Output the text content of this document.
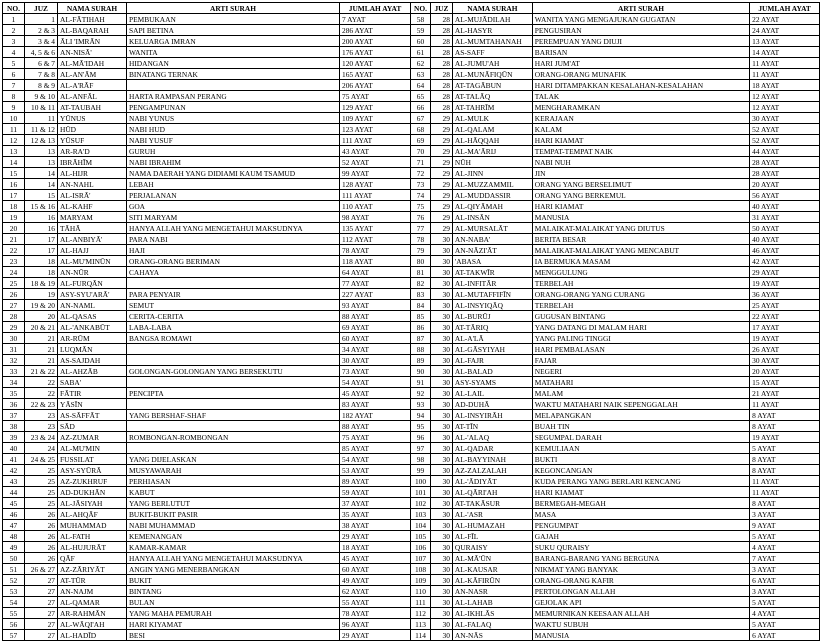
NO.	JUZ	NAMA SURAH	ARTI SURAH	JUMLAH AYAT
1	1	AL-FĀTIHAH	PEMBUKAAN	7 AYAT
2	2 & 3	AL-BAQARAH	SAPI BETINA	286 AYAT
3	3 & 4	ĀLI 'IMRĀN	KELUARGA IMRAN	200 AYAT
4	4, 5 & 6	AN-NISĀ'	WANITA	176 AYAT
5	6 & 7	AL-MĀ'IDAH	HIDANGAN	120 AYAT
6	7 & 8	AL-AN'ĀM	BINATANG TERNAK	165 AYAT
7	8 & 9	AL-A'RĀF		206 AYAT
8	9 & 10	AL-ANFĀL	HARTA RAMPASAN PERANG	75 AYAT
9	10 & 11	AT-TAUBAH	PENGAMPUNAN	129 AYAT
10	11	YŪNUS	NABI YUNUS	109 AYAT
11	11 & 12	HŪD	NABI HUD	123 AYAT
12	12 & 13	YŪSUF	NABI YUSUF	111 AYAT
13	13	AR-RA'D	GURUH	43 AYAT
14	13	IBRĀHĪM	NABI IBRAHIM	52 AYAT
15	14	AL-HIJR	NAMA DAERAH YANG DIDIAMI KAUM TSAMUD	99 AYAT
16	14	AN-NAHL	LEBAH	128 AYAT
17	15	AL-ISRĀ'	PERJALANAN	111 AYAT
18	15 & 16	AL-KAHF	GOA	110 AYAT
19	16	MARYAM	SITI MARYAM	98 AYAT
20	16	TĀHĀ	HANYA ALLAH YANG MENGETAHUI MAKSUDNYA	135 AYAT
21	17	AL-ANBIYĀ'	PARA NABI	112 AYAT
22	17	AL-HAJJ	HAJI	78 AYAT
23	18	AL-MU'MINŪN	ORANG-ORANG BERIMAN	118 AYAT
24	18	AN-NŪR	CAHAYA	64 AYAT
25	18 & 19	AL-FURQĀN		77 AYAT
26	19	ASY-SYU'ARĀ'	PARA PENYAIR	227 AYAT
27	19 & 20	AN-NAML	SEMUT	93 AYAT
28	20	AL-QASAS	CERITA-CERITA	88 AYAT
29	20 & 21	AL-'ANKABŪT	LABA-LABA	69 AYAT
30	21	AR-RŪM	BANGSA ROMAWI	60 AYAT
31	21	LUQMĀN		34 AYAT
32	21	AS-SAJDAH		30 AYAT
33	21 & 22	AL-AHZĀB	GOLONGAN-GOLONGAN YANG BERSEKUTU	73 AYAT
34	22	SABA'		54 AYAT
35	22	FĀTIR	PENCIPTA	45 AYAT
36	22 & 23	YĀSĪN		83 AYAT
37	23	AS-SĀFFĀT	YANG BERSHAF-SHAF	182 AYAT
38	23	SĀD		88 AYAT
39	23 & 24	AZ-ZUMAR	ROMBONGAN-ROMBONGAN	75 AYAT
40	24	AL-MU'MIN		85 AYAT
41	24 & 25	FUSSILAT	YANG DIJELASKAN	54 AYAT
42	25	ASY-SYŪRĀ	MUSYAWARAH	53 AYAT
43	25	AZ-ZUKHRUF	PERHIASAN	89 AYAT
44	25	AD-DUKHĀN	KABUT	59 AYAT
45	25	AL-JĀSIYAH	YANG BERLUTUT	37 AYAT
46	26	AL-AHQĀF	BUKIT-BUKIT PASIR	35 AYAT
47	26	MUHAMMAD	NABI MUHAMMAD	38 AYAT
48	26	AL-FATH	KEMENANGAN	29 AYAT
49	26	AL-HUJURĀT	KAMAR-KAMAR	18 AYAT
50	26	QĀF	HANYA ALLAH YANG MENGETAHUI MAKSUDNYA	45 AYAT
51	26 & 27	AZ-ZĀRIYĀT	ANGIN YANG MENERBANGKAN	60 AYAT
52	27	AT-TŪR	BUKIT	49 AYAT
53	27	AN-NAJM	BINTANG	62 AYAT
54	27	AL-QAMAR	BULAN	55 AYAT
55	27	AR-RAHMĀN	YANG MAHA PEMURAH	78 AYAT
56	27	AL-WĀQI'AH	HARI KIYAMAT	96 AYAT
57	27	AL-HADĪD	BESI	29 AYAT
NO.	JUZ	NAMA SURAH	ARTI SURAH	JUMLAH AYAT
58	28	AL-MUJĀDILAH	WANITA YANG MENGAJUKAN GUGATAN	22 AYAT
59	28	AL-HASYR	PENGUSIRAN	24 AYAT
60	28	AL-MUMTAHANAH	PEREMPUAN YANG DIUJI	13 AYAT
61	28	AS-SAFF	BARISAN	14 AYAT
62	28	AL-JUMU'AH	HARI JUM'AT	11 AYAT
63	28	AL-MUNĀFIQŪN	ORANG-ORANG MUNAFIK	11 AYAT
64	28	AT-TAGĀBUN	HARI DITAMPAKKAN KESALAHAN-KESALAHAN	18 AYAT
65	28	AT-TALĀQ	TALAK	12 AYAT
66	28	AT-TAHRĪM	MENGHARAMKAN	12 AYAT
67	29	AL-MULK	KERAJAAN	30 AYAT
68	29	AL-QALAM	KALAM	52 AYAT
69	29	AL-HĀQQAH	HARI KIAMAT	52 AYAT
70	29	AL-MA'ĀRIJ	TEMPAT-TEMPAT NAIK	44 AYAT
71	29	NŪH	NABI NUH	28 AYAT
72	29	AL-JINN	JIN	28 AYAT
73	29	AL-MUZZAMMIL	ORANG YANG BERSELIMUT	20 AYAT
74	29	AL-MUDDASSIR	ORANG YANG BERKEMUL	56 AYAT
75	29	AL-QIYĀMAH	HARI KIAMAT	40 AYAT
76	29	AL-INSĀN	MANUSIA	31 AYAT
77	29	AL-MURSALĀT	MALAIKAT-MALAIKAT YANG DIUTUS	50 AYAT
78	30	AN-NABA'	BERITA BESAR	40 AYAT
79	30	AN-NĀZI'ĀT	MALAIKAT-MALAIKAT YANG MENCABUT	46 AYAT
80	30	'ABASA	IA BERMUKA MASAM	42 AYAT
81	30	AT-TAKWĪR	MENGGULUNG	29 AYAT
82	30	AL-INFITĀR	TERBELAH	19 AYAT
83	30	AL-MUTAFFIFĪN	ORANG-ORANG YANG CURANG	36 AYAT
84	30	AL-INSYIQĀQ	TERBELAH	25 AYAT
85	30	AL-BURŪJ	GUGUSAN BINTANG	22 AYAT
86	30	AT-TĀRIQ	YANG DATANG DI MALAM HARI	17 AYAT
87	30	AL-A'LĀ	YANG PALING TINGGI	19 AYAT
88	30	AL-GĀSYIYAH	HARI PEMBALASAN	26 AYAT
89	30	AL-FAJR	FAJAR	30 AYAT
90	30	AL-BALAD	NEGERI	20 AYAT
91	30	ASY-SYAMS	MATAHARI	15 AYAT
92	30	AL-LAIL	MALAM	21 AYAT
93	30	AD-DUHĀ	WAKTU MATAHARI NAIK SEPENGGALAH	11 AYAT
94	30	AL-INSYIRĀH	MELAPANGKAN	8 AYAT
95	30	AT-TĪN	BUAH TIN	8 AYAT
96	30	AL-'ALAQ	SEGUMPAL DARAH	19 AYAT
97	30	AL-QADAR	KEMULIAAN	5 AYAT
98	30	AL-BAYYINAH	BUKTI	8 AYAT
99	30	AZ-ZALZALAH	KEGONCANGAN	8 AYAT
100	30	AL-'ĀDIYĀT	KUDA PERANG YANG BERLARI KENCANG	11 AYAT
101	30	AL-QĀRI'AH	HARI KIAMAT	11 AYAT
102	30	AT-TAKĀSUR	BERMEGAH-MEGAH	8 AYAT
103	30	AL-'ASR	MASA	3 AYAT
104	30	AL-HUMAZAH	PENGUMPAT	9 AYAT
105	30	AL-FĪL	GAJAH	5 AYAT
106	30	QURAISY	SUKU QURAISY	4 AYAT
107	30	AL-MĀ'ŪN	BARANG-BARANG YANG BERGUNA	7 AYAT
108	30	AL-KAUSAR	NIKMAT YANG BANYAK	3 AYAT
109	30	AL-KĀFIRŪN	ORANG-ORANG KAFIR	6 AYAT
110	30	AN-NASR	PERTOLONGAN ALLAH	3 AYAT
111	30	AL-LAHAB	GEJOLAK API	5 AYAT
112	30	AL-IKHLĀS	MEMURNIKAN KEESAAN ALLAH	4 AYAT
113	30	AL-FALAQ	WAKTU SUBUH	5 AYAT
114	30	AN-NĀS	MANUSIA	6 AYAT
